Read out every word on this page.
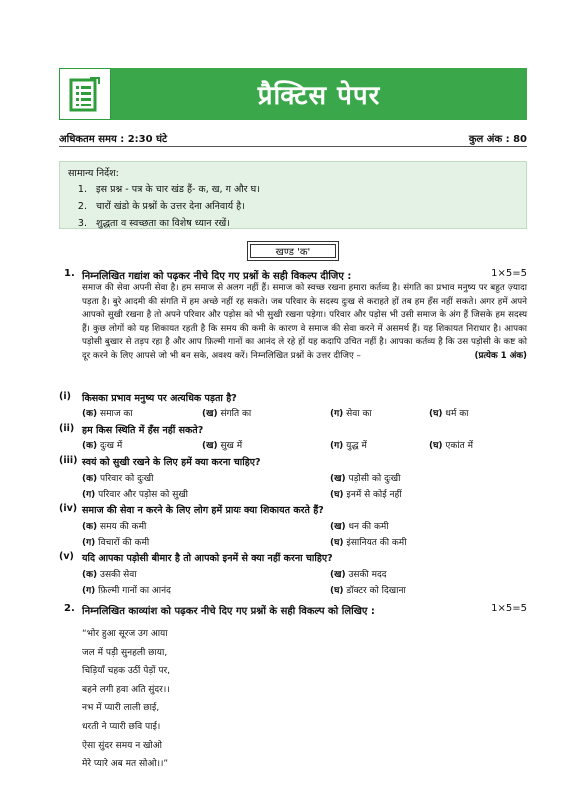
प्रैक्टिस पेपर
अधिकतम समय : 2:30 घंटे	कुल अंक : 80
सामान्य निर्देश:
1. इस प्रश्न - पत्र के चार खंड हैं- क, ख, ग और घ।
2. चारों खंडो के प्रश्नों के उत्तर देना अनिवार्य है।
3. शुद्धता व स्वच्छता का विशेष ध्यान रखें।
खण्ड 'क'
1. निम्नलिखित गद्यांश को पढ़कर नीचे दिए गए प्रश्नों के सही विकल्प दीजिए :	1×5=5
समाज की सेवा अपनी सेवा है। हम समाज से अलग नहीं हैं। समाज को स्वच्छ रखना हमारा कर्तव्य है। संगति का प्रभाव मनुष्य पर बहुत ज़्यादा पड़ता है। बुरे आदमी की संगति में हम अच्छे नहीं रह सकते। जब परिवार के सदस्य दुःख से कराहते हों तब हम हँस नहीं सकते। अगर हमें अपने आपको सुखी रखना है तो अपने परिवार और पड़ोस को भी सुखी रखना पड़ेगा। परिवार और पड़ोस भी उसी समाज के अंग हैं जिसके हम सदस्य हैं। कुछ लोगों को यह शिकायत रहती है कि समय की कमी के कारण वे समाज की सेवा करने में असमर्थ हैं। यह शिकायत निराधार है। आपका पड़ोसी बुखार से तड़प रहा है और आप फ़िल्मी गानों का आनंद ले रहे हों यह कदापि उचित नहीं है। आपका कर्तव्य है कि उस पड़ोसी के कष्ट को दूर करने के लिए आपसे जो भी बन सके, अवश्य करें। निम्नलिखित प्रश्नों के उत्तर दीजिए –	(प्रत्येक 1 अंक)
(i)	किसका प्रभाव मनुष्य पर अत्यधिक पड़ता है?
(क) समाज का	(ख) संगति का	(ग) सेवा का	(घ) धर्म का
(ii) हम किस स्थिति में हँस नहीं सकते?
(क) दुःख में	(ख) सुख में	(ग) युद्ध में	(घ) एकांत में
(iii) स्वयं को सुखी रखने के लिए हमें क्या करना चाहिए?
(क) परिवार को दुःखी	(ख) पड़ोसी को दुःखी
(ग) परिवार और पड़ोस को सुखी	(घ) इनमें से कोई नहीं
(iv) समाज की सेवा न करने के लिए लोग हमें प्रायः क्या शिकायत करते हैं?
(क) समय की कमी	(ख) धन की कमी
(ग) विचारों की कमी	(घ) इंसानियत की कमी
(v) यदि आपका पड़ोसी बीमार है तो आपको इनमें से क्या नहीं करना चाहिए?
(क) उसकी सेवा	(ख) उसकी मदद
(ग) फ़िल्मी गानों का आनंद	(घ) डॉक्टर को दिखाना
2. निम्नलिखित काव्यांश को पढ़कर नीचे दिए गए प्रश्नों के सही विकल्प को लिखिए :	1×5=5
“भोर हुआ सूरज उग आया
जल में पड़ी सुनहली छाया,
चिड़ियाँ चहक उठीं पेड़ों पर,
बहने लगी हवा अति सुंदर।।
नभ में प्यारी लाली छाई,
धरती ने प्यारी छवि पाई।
ऐसा सुंदर समय न खोओ
मेरे प्यारे अब मत सोओ।।”
